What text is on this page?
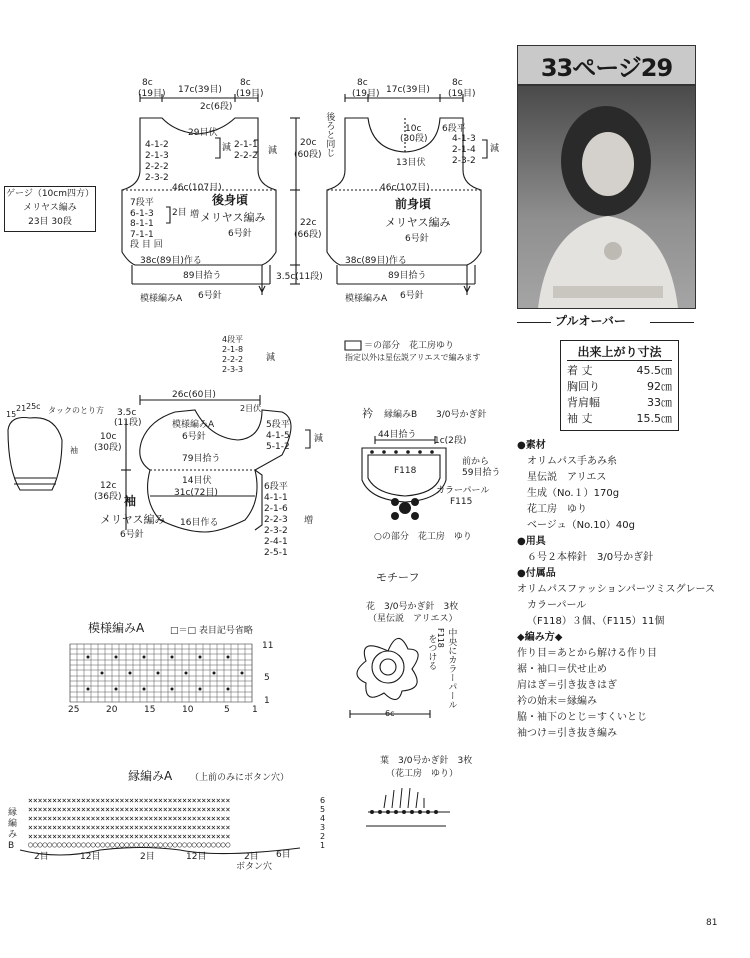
××××××××××××××××××××××××××××××××××××××××××
××××××××××××××××××××××××××××××××××××××××××
××××××××××××××××××××××××××××××××××××××××××
××××××××××××××××××××××××××××××××××××××××××
××××××××××××××××××××××××××××××××××××××××××
○○○○○○○○○○○○○○○○○○○○○○○○○○○○○○○○○○○○○○○○○○
33ページ29
プルオーバー
出来上がり寸法
着 丈	45.5㎝
胸回り	92㎝
背肩幅	33㎝
袖 丈	15.5㎝
●素材
オリムパス手あみ糸
星伝説　アリエス
生成（No.１）170g
花工房　ゆり
ベージュ（No.10）40g
●用具
６号２本棒針　3/0号かぎ針
●付属品
オリムパスファッションパーツミスグレース
カラーパール
（F118）３個、（F115）11個
◆編み方◆
作り目＝あとから解ける作り目
裾・袖口＝伏せ止め
肩はぎ＝引き抜きはぎ
衿の始末＝縁編み
脇・袖下のとじ＝すくいとじ
袖つけ＝引き抜き編み
ゲージ（10cm四方）
メリヤス編み
23目 30段
8c
(19目) 17c(39目)
8c
(19目)
2c(6段)
29目伏
4-1-2
2-1-3
2-2-2
2-3-2
減 2-1-1
2-2-2 減
46c(107目)
7段平
6-1-3
8-1-1
7-1-1
段 目 回
2目 増
後身頃
メリヤス編み
6号針
38c(89目)作る
89目拾う	3.5c(11段)
20c
(60段)
22c
(66段)
模様編みA 6号針
8c
(19目) 17c(39目)
8c
(19目)
後ろと同じ	10c
(30段)
13目伏
6段平
4-1-3
2-1-4
2-3-2
減
46c(107目)
前身頃
メリヤス編み
6号針
38c(89目)作る
89目拾う
模様編みA 6号針
＝の部分　花工房ゆり
指定以外は星伝説アリエスで編みます
4段平
2-1-8
2-2-2
2-3-3
減
26c(60目)
3.5c
(11段)	模様編みA
6号針
2目伏
5段平
4-1-5
5-1-2
減
79目拾う
10c
(30段)
12c
(36段) 袖
メリヤス編み
6号針
14目伏
31c(72目)
16目作る
6段平
4-1-1
2-1-6
2-2-3
2-3-2
2-4-1
2-5-1
増
タックのとり方
袖
15
21 25c
衿 縁編みB 3/0号かぎ針
44目拾う
1c(2段)
前から
59目拾う
F118
カラーパール
F115
○の部分　花工房　ゆり
モチーフ
花　3/0号かぎ針　3枚
（星伝説　アリエス）
中央にカラーパール
F118
をつける
6c
葉　3/0号かぎ針　3枚
（花工房　ゆり）
模様編みA	□＝□ 表目記号省略
11
5
1
25	20	15	10	5 1
縁編みA （上前のみにボタン穴）
縁
編
み
B
6
5
4
3
2
1
2目	12目	2目	12目	2目 6目
ボタン穴
81
